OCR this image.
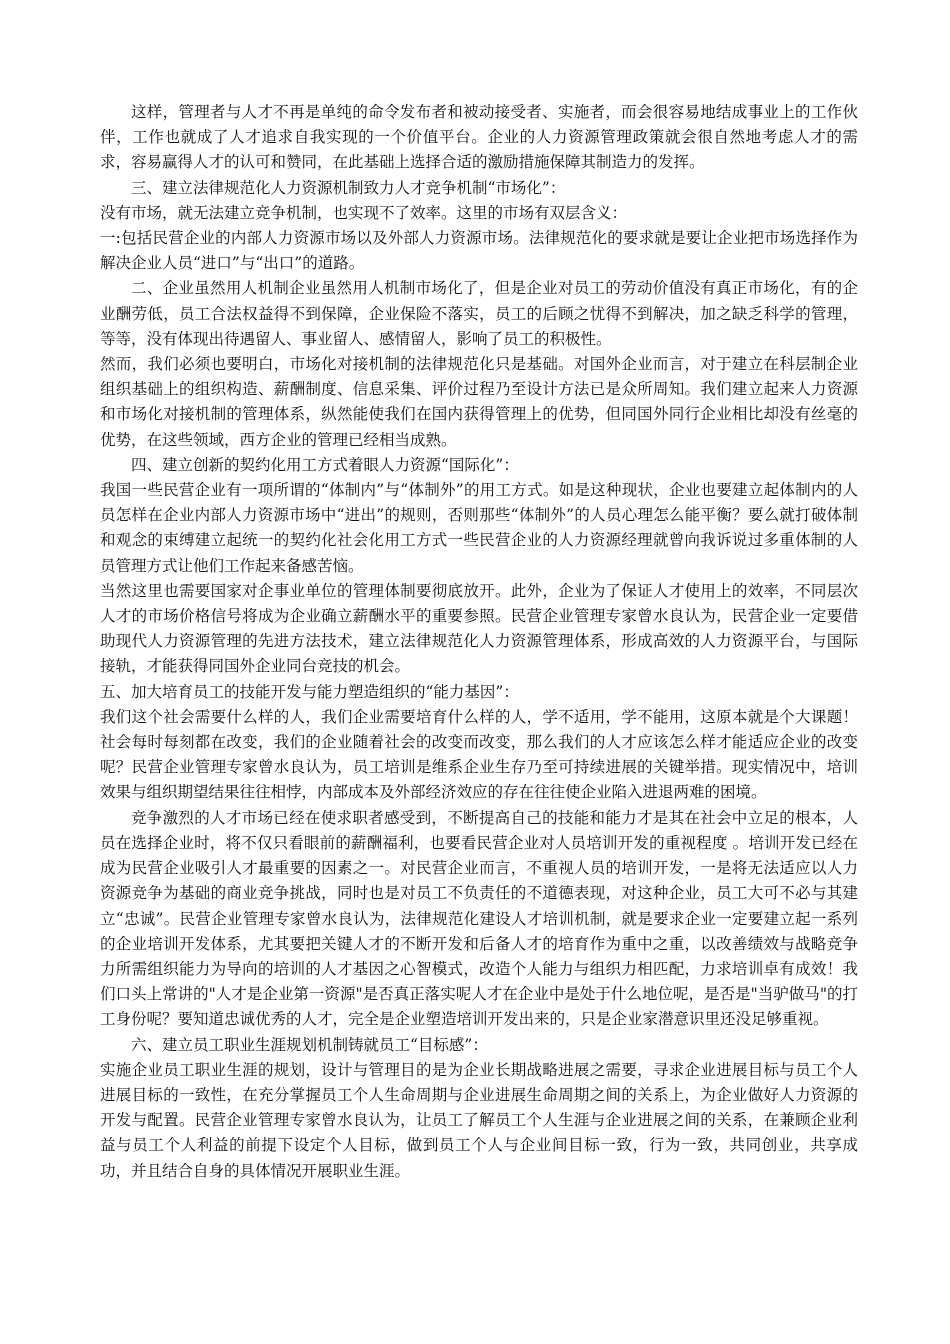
这样，管理者与人才不再是单纯的命令发布者和被动接受者、实施者，而会很容易地结成事业上的工作伙伴，工作也就成了人才追求自我实现的一个价值平台。企业的人力资源管理政策就会很自然地考虑人才的需求，容易赢得人才的认可和赞同，在此基础上选择合适的激励措施保障其制造力的发挥。

三、建立法律规范化人力资源机制致力人才竞争机制“市场化”：

没有市场，就无法建立竞争机制，也实现不了效率。这里的市场有双层含义：

一:包括民营企业的内部人力资源市场以及外部人力资源市场。法律规范化的要求就是要让企业把市场选择作为解决企业人员“进口”与“出口”的道路。

二、企业虽然用人机制企业虽然用人机制市场化了，但是企业对员工的劳动价值没有真正市场化，有的企业酬劳低，员工合法权益得不到保障，企业保险不落实，员工的后顾之忧得不到解决，加之缺乏科学的管理，等等，没有体现出待遇留人、事业留人、感情留人，影响了员工的积极性。

然而，我们必须也要明白，市场化对接机制的法律规范化只是基础。对国外企业而言，对于建立在科层制企业组织基础上的组织构造、薪酬制度、信息采集、评价过程乃至设计方法已是众所周知。我们建立起来人力资源和市场化对接机制的管理体系，纵然能使我们在国内获得管理上的优势，但同国外同行企业相比却没有丝毫的优势，在这些领域，西方企业的管理已经相当成熟。

四、建立创新的契约化用工方式着眼人力资源“国际化”：

我国一些民营企业有一项所谓的“体制内”与“体制外”的用工方式。如是这种现状，企业也要建立起体制内的人员怎样在企业内部人力资源市场中“进出”的规则，否则那些“体制外”的人员心理怎么能平衡？要么就打破体制和观念的束缚建立起统一的契约化社会化用工方式一些民营企业的人力资源经理就曾向我诉说过多重体制的人员管理方式让他们工作起来备感苦恼。

当然这里也需要国家对企事业单位的管理体制要彻底放开。此外，企业为了保证人才使用上的效率，不同层次人才的市场价格信号将成为企业确立薪酬水平的重要参照。民营企业管理专家曾水良认为，民营企业一定要借助现代人力资源管理的先进方法技术，建立法律规范化人力资源管理体系，形成高效的人力资源平台，与国际接轨，才能获得同国外企业同台竞技的机会。

五、加大培育员工的技能开发与能力塑造组织的“能力基因”：

我们这个社会需要什么样的人，我们企业需要培育什么样的人，学不适用，学不能用，这原本就是个大课题！社会每时每刻都在改变，我们的企业随着社会的改变而改变，那么我们的人才应该怎么样才能适应企业的改变呢？民营企业管理专家曾水良认为，员工培训是维系企业生存乃至可持续进展的关键举措。现实情况中，培训效果与组织期望结果往往相悖，内部成本及外部经济效应的存在往往使企业陷入进退两难的困境。

竞争激烈的人才市场已经在使求职者感受到，不断提高自己的技能和能力才是其在社会中立足的根本，人员在选择企业时，将不仅只看眼前的薪酬福利，也要看民营企业对人员培训开发的重视程度 。培训开发已经在成为民营企业吸引人才最重要的因素之一。对民营企业而言，不重视人员的培训开发，一是将无法适应以人力资源竞争为基础的商业竞争挑战，同时也是对员工不负责任的不道德表现，对这种企业，员工大可不必与其建立“忠诚”。民营企业管理专家曾水良认为，法律规范化建设人才培训机制，就是要求企业一定要建立起一系列的企业培训开发体系，尤其要把关键人才的不断开发和后备人才的培育作为重中之重，以改善绩效与战略竞争力所需组织能力为导向的培训的人才基因之心智模式，改造个人能力与组织力相匹配，力求培训卓有成效！我们口头上常讲的"人才是企业第一资源"是否真正落实呢人才在企业中是处于什么地位呢，是否是"当驴做马"的打工身份呢？要知道忠诚优秀的人才，完全是企业塑造培训开发出来的，只是企业家潜意识里还没足够重视。

六、建立员工职业生涯规划机制铸就员工“目标感”：

实施企业员工职业生涯的规划，设计与管理目的是为企业长期战略进展之需要，寻求企业进展目标与员工个人进展目标的一致性，在充分掌握员工个人生命周期与企业进展生命周期之间的关系上，为企业做好人力资源的开发与配置。民营企业管理专家曾水良认为，让员工了解员工个人生涯与企业进展之间的关系，在兼顾企业利益与员工个人利益的前提下设定个人目标，做到员工个人与企业间目标一致，行为一致，共同创业，共享成功，并且结合自身的具体情况开展职业生涯。
